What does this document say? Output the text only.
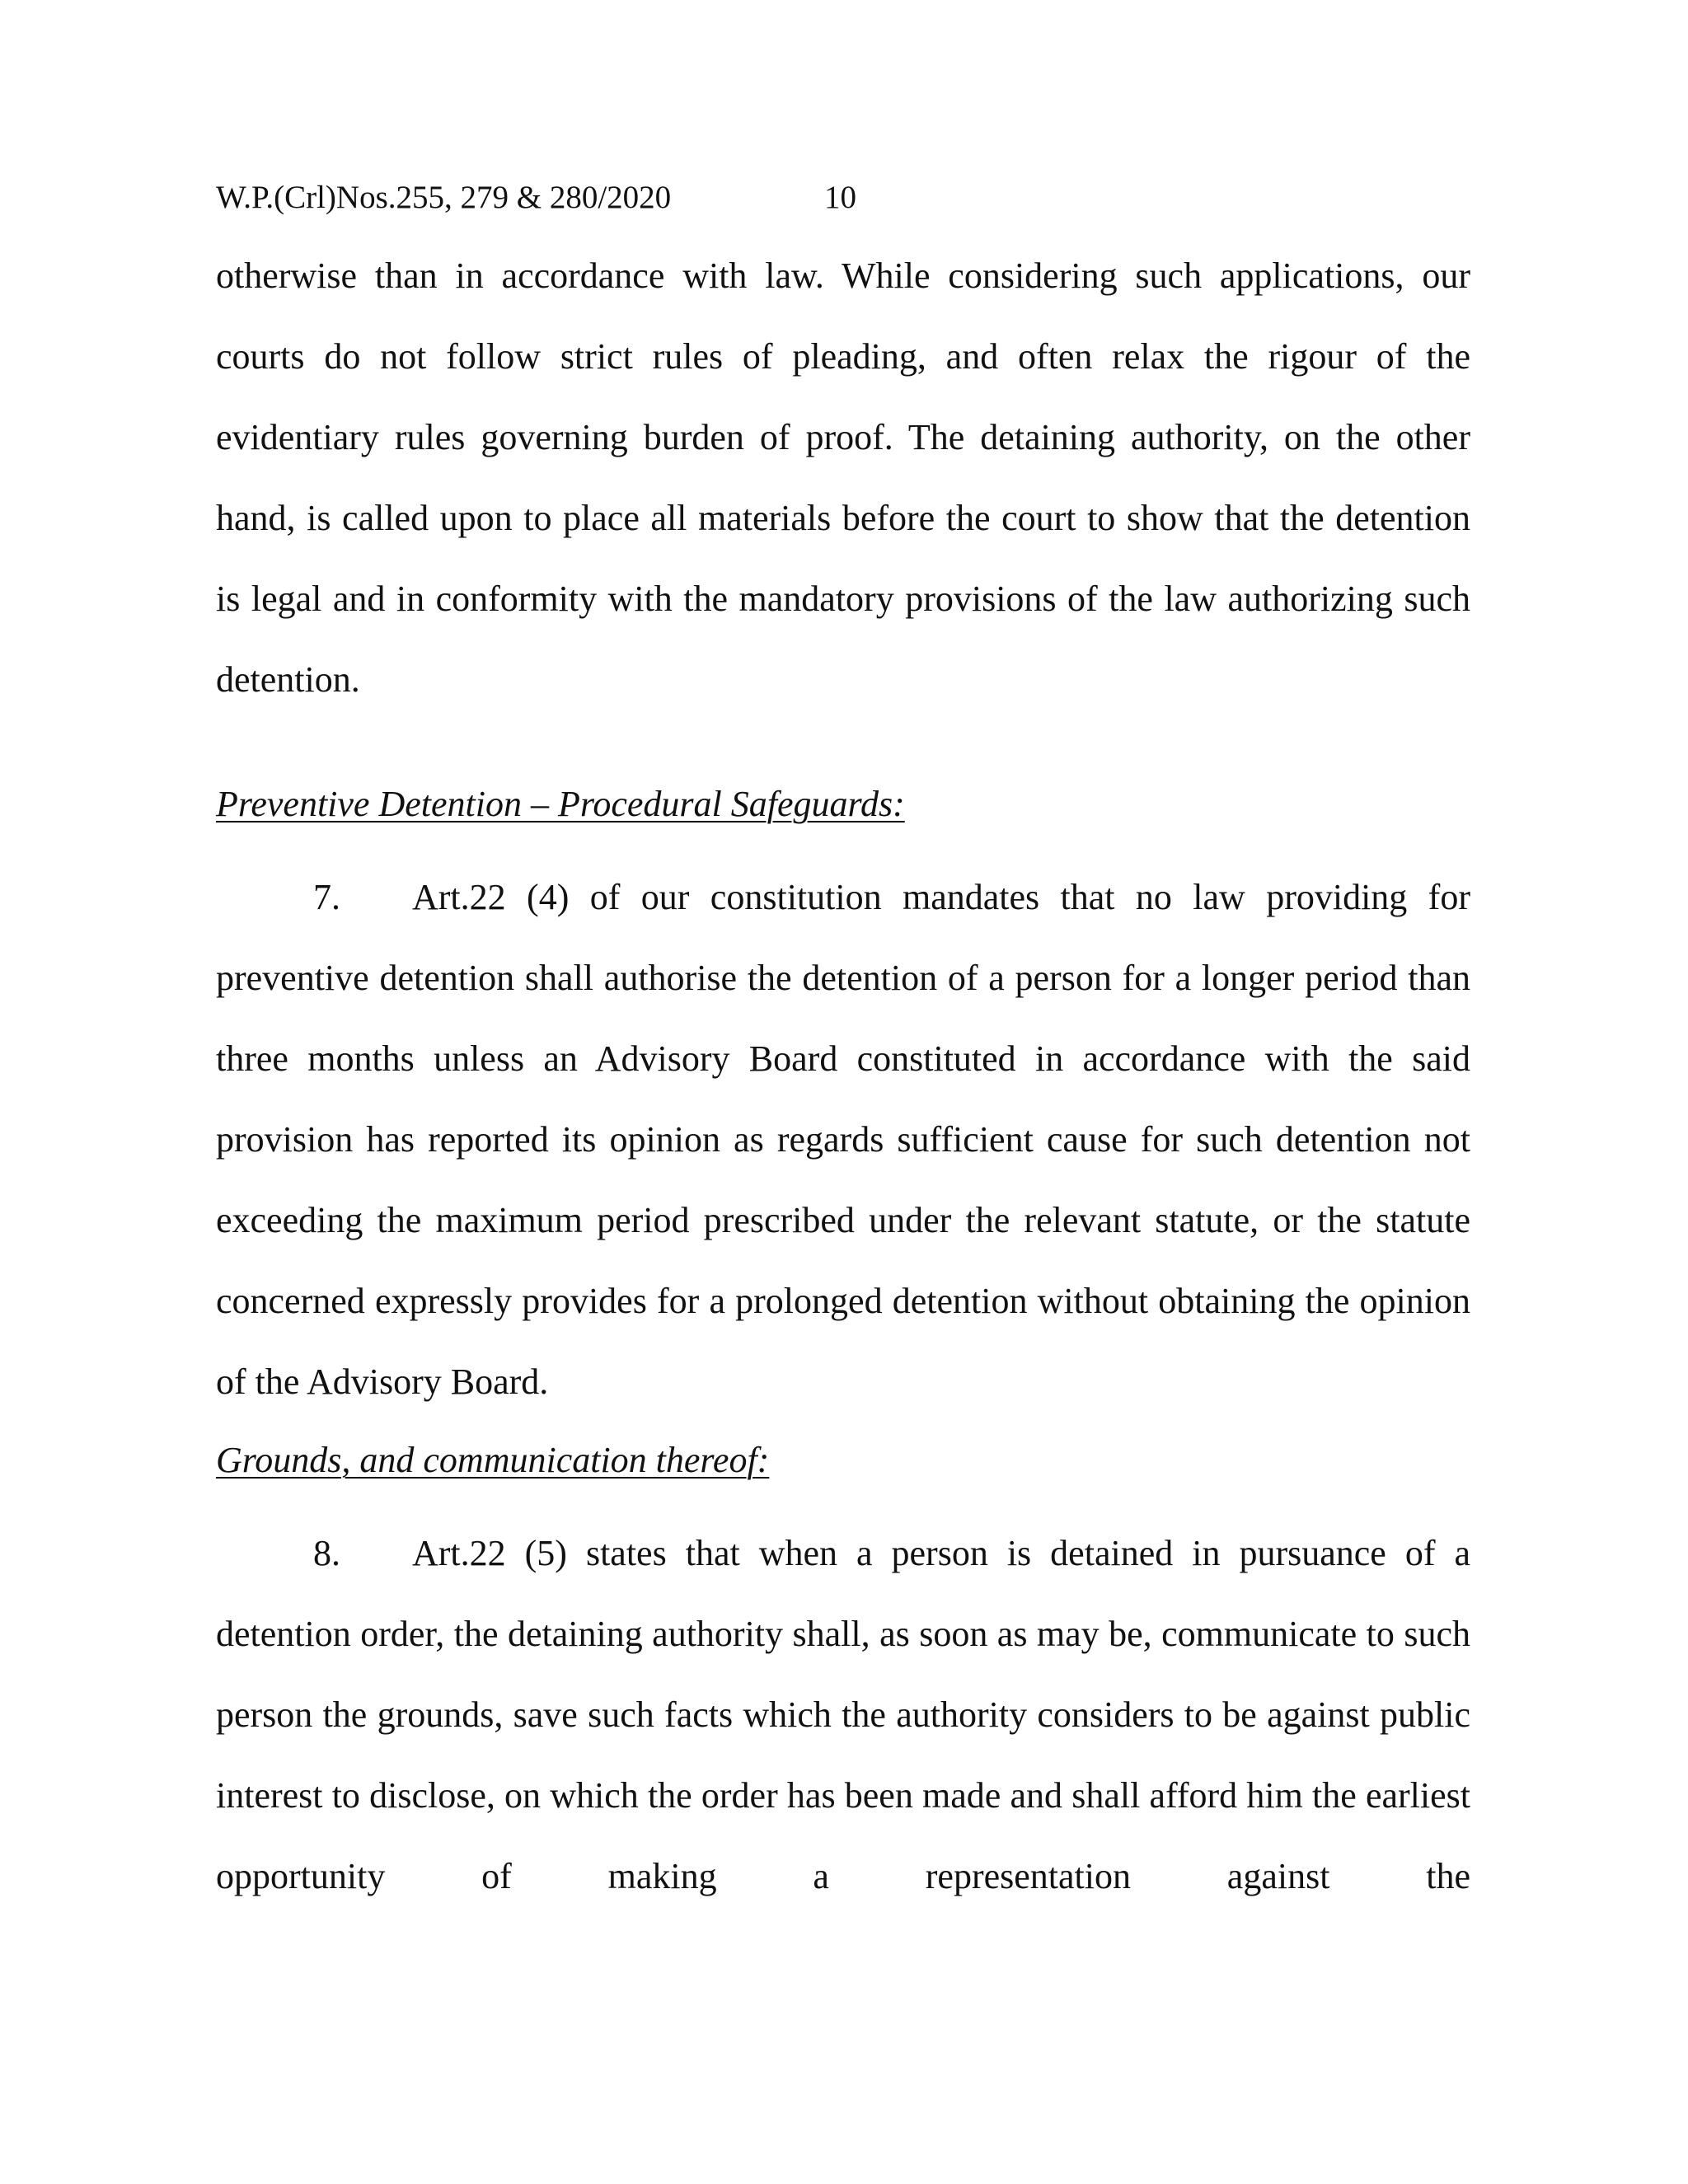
W.P.(Crl)Nos.255, 279 & 280/2020	10

otherwise than in accordance with law. While considering such applications, our courts do not follow strict rules of pleading, and often relax the rigour of the evidentiary rules governing burden of proof. The detaining authority, on the other hand, is called upon to place all materials before the court to show that the detention is legal and in conformity with the mandatory provisions of the law authorizing such detention.

Preventive Detention – Procedural Safeguards:

7. Art.22 (4) of our constitution mandates that no law providing for preventive detention shall authorise the detention of a person for a longer period than three months unless an Advisory Board constituted in accordance with the said provision has reported its opinion as regards sufficient cause for such detention not exceeding the maximum period prescribed under the relevant statute, or the statute concerned expressly provides for a prolonged detention without obtaining the opinion of the Advisory Board.

Grounds, and communication thereof:

8. Art.22 (5) states that when a person is detained in pursuance of a detention order, the detaining authority shall, as soon as may be, communicate to such person the grounds, save such facts which the authority considers to be against public interest to disclose, on which the order has been made and shall afford him the earliest opportunity of making a representation against the
